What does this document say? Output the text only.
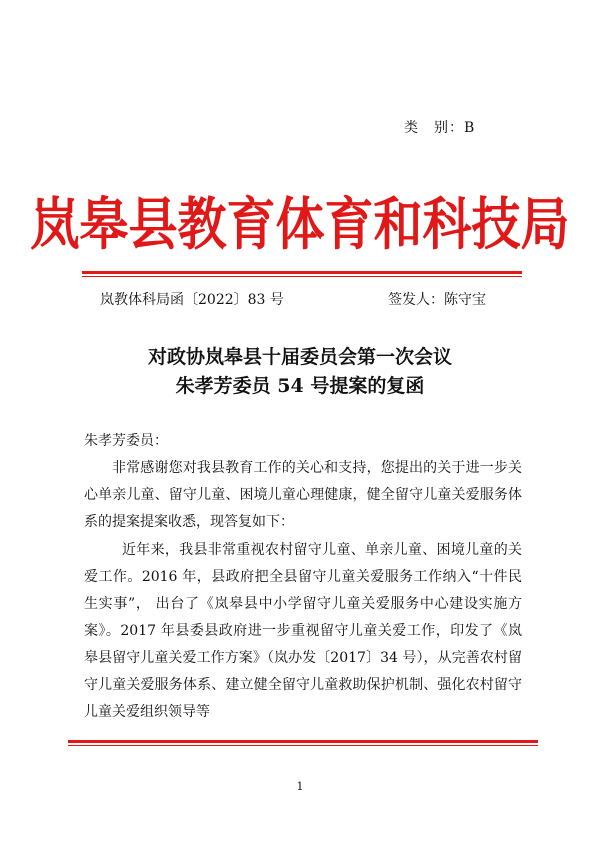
类　别：B
岚皋县教育体育和科技局
岚教体科局函〔2022〕83 号	签发人：陈守宝
对政协岚皋县十届委员会第一次会议
朱孝芳委员 54 号提案的复函
朱孝芳委员：

非常感谢您对我县教育工作的关心和支持，您提出的关于进一步关心单亲儿童、留守儿童、困境儿童心理健康，健全留守儿童关爱服务体系的提案提案收悉，现答复如下：

近年来，我县非常重视农村留守儿童、单亲儿童、困境儿童的关爱工作。2016 年，县政府把全县留守儿童关爱服务工作纳入“十件民生实事”， 出台了《岚皋县中小学留守儿童关爱服务中心建设实施方案》。2017 年县委县政府进一步重视留守儿童关爱工作，印发了《岚皋县留守儿童关爱工作方案》（岚办发〔2017〕34 号），从完善农村留守儿童关爱服务体系、建立健全留守儿童救助保护机制、强化农村留守儿童关爱组织领导等

1
